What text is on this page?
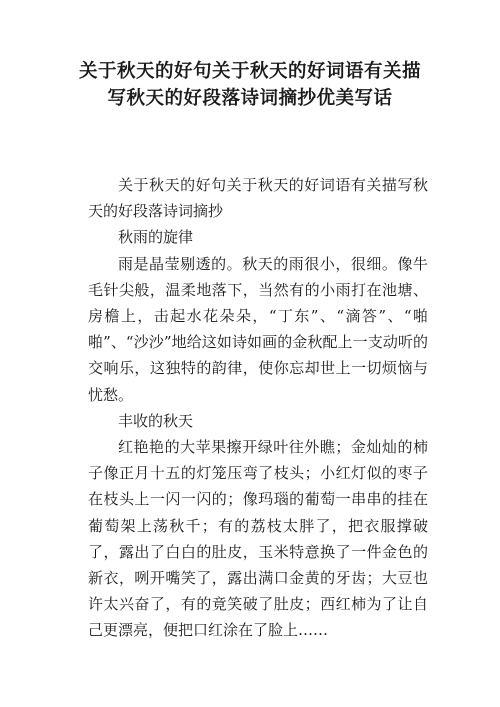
关于秋天的好句关于秋天的好词语有关描写秋天的好段落诗词摘抄优美写话

关于秋天的好句关于秋天的好词语有关描写秋天的好段落诗词摘抄

秋雨的旋律

雨是晶莹剔透的。秋天的雨很小，很细。像牛毛针尖般，温柔地落下，当然有的小雨打在池塘、房檐上，击起水花朵朵，“丁东”、“滴答”、“啪啪”、“沙沙”地给这如诗如画的金秋配上一支动听的交响乐，这独特的韵律，使你忘却世上一切烦恼与忧愁。

丰收的秋天

红艳艳的大苹果擦开绿叶往外瞧；金灿灿的柿子像正月十五的灯笼压弯了枝头；小红灯似的枣子在枝头上一闪一闪的；像玛瑙的葡萄一串串的挂在葡萄架上荡秋千；有的荔枝太胖了，把衣服撑破了，露出了白白的肚皮，玉米特意换了一件金色的新衣，咧开嘴笑了，露出满口金黄的牙齿；大豆也许太兴奋了，有的竟笑破了肚皮；西红柿为了让自己更漂亮，便把口红涂在了脸上……
